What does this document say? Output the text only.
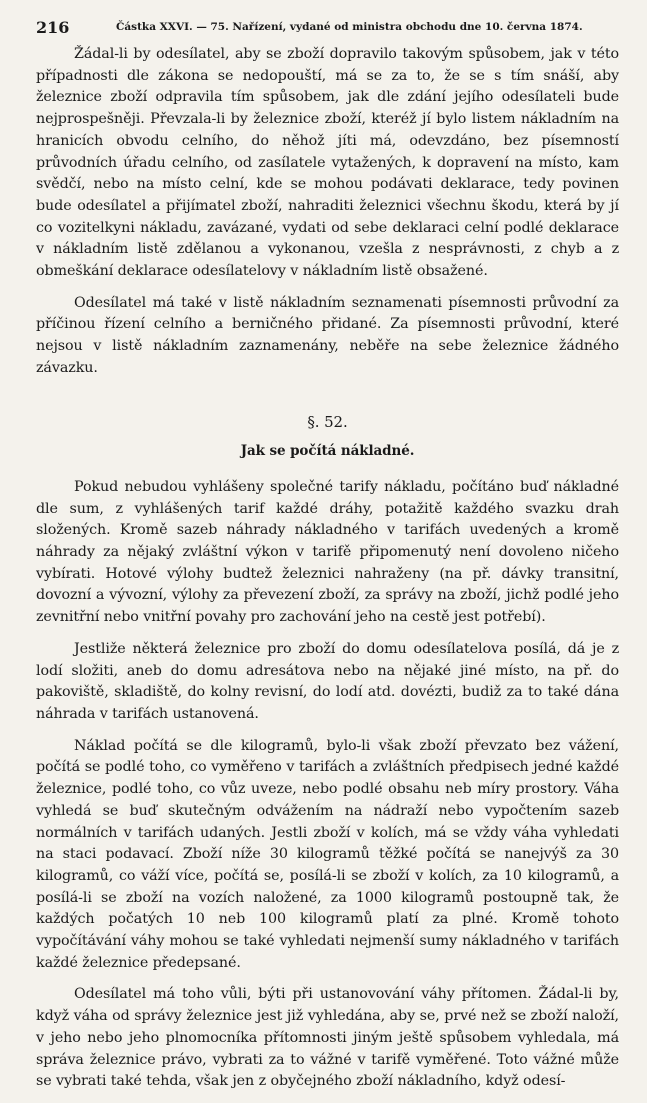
216	Částka XXVI. — 75. Nařízení, vydané od ministra obchodu dne 10. června 1874.

Žádal-li by odesílatel, aby se zboží dopravilo takovým spůsobem, jak v této případnosti dle zákona se nedopouští, má se za to, že se s tím snáší, aby železnice zboží odpravila tím spůsobem, jak dle zdání jejího odesílateli bude nejprospešněji. Převzala-li by železnice zboží, kteréž jí bylo listem nákladním na hranicích obvodu celního, do něhož jíti má, odevzdáno, bez písemností průvodních úřadu celního, od zasílatele vytažených, k dopravení na místo, kam svědčí, nebo na místo celní, kde se mohou podávati deklarace, tedy povinen bude odesílatel a přijímatel zboží, nahraditi železnici všechnu škodu, která by jí co vozitelkyni nákladu, zavázané, vydati od sebe deklaraci celní podlé deklarace v nákladním listě zdělanou a vykonanou, vzešla z nesprávnosti, z chyb a z obmeškání deklarace odesílatelovy v nákladním listě obsažené.

Odesílatel má také v listě nákladním seznamenati písemnosti průvodní za příčinou řízení celního a berničného přidané. Za písemnosti průvodní, které nejsou v listě nákladním zaznamenány, neběře na sebe železnice žádného závazku.

§. 52.
Jak se počítá nákladné.

Pokud nebudou vyhlášeny společné tarify nákladu, počítáno buď nákladné dle sum, z vyhlášených tarif každé dráhy, potažitě každého svazku drah složených. Kromě sazeb náhrady nákladného v tarifách uvedených a kromě náhrady za nějaký zvláštní výkon v tarifě připomenutý není dovoleno ničeho vybírati. Hotové výlohy budtež železnici nahraženy (na př. dávky transitní, dovozní a vývozní, výlohy za převezení zboží, za správy na zboží, jichž podlé jeho zevnitřní nebo vnitřní povahy pro zachování jeho na cestě jest potřebí).

Jestliže některá železnice pro zboží do domu odesílatelova posílá, dá je z lodí složiti, aneb do domu adresátova nebo na nějaké jiné místo, na př. do pakoviště, skladiště, do kolny revisní, do lodí atd. dovézti, budiž za to také dána náhrada v tarifách ustanovená.

Náklad počítá se dle kilogramů, bylo-li však zboží převzato bez vážení, počítá se podlé toho, co vyměřeno v tarifách a zvláštních předpisech jedné každé železnice, podlé toho, co vůz uveze, nebo podlé obsahu neb míry prostory. Váha vyhledá se buď skutečným odvážením na nádraží nebo vypočtením sazeb normálních v tarifách udaných. Jestli zboží v kolích, má se vždy váha vyhledati na staci podavací. Zboží níže 30 kilogramů těžké počítá se nanejvýš za 30 kilogramů, co váží více, počítá se, posílá-li se zboží v kolích, za 10 kilogramů, a posílá-li se zboží na vozích naložené, za 1000 kilogramů postoupně tak, že každých počatých 10 neb 100 kilogramů platí za plné. Kromě tohoto vypočítávání váhy mohou se také vyhledati nejmenší sumy nákladného v tarifách každé železnice předepsané.

Odesílatel má toho vůli, býti při ustanovování váhy přítomen. Žádal-li by, když váha od správy železnice jest již vyhledána, aby se, prvé než se zboží naloží, v jeho nebo jeho plnomocníka přítomnosti jiným ještě spůsobem vyhledala, má správa železnice právo, vybrati za to vážné v tarifě vyměřené. Toto vážné může se vybrati také tehda, však jen z obyčejného zboží nákladního, když odesí-
